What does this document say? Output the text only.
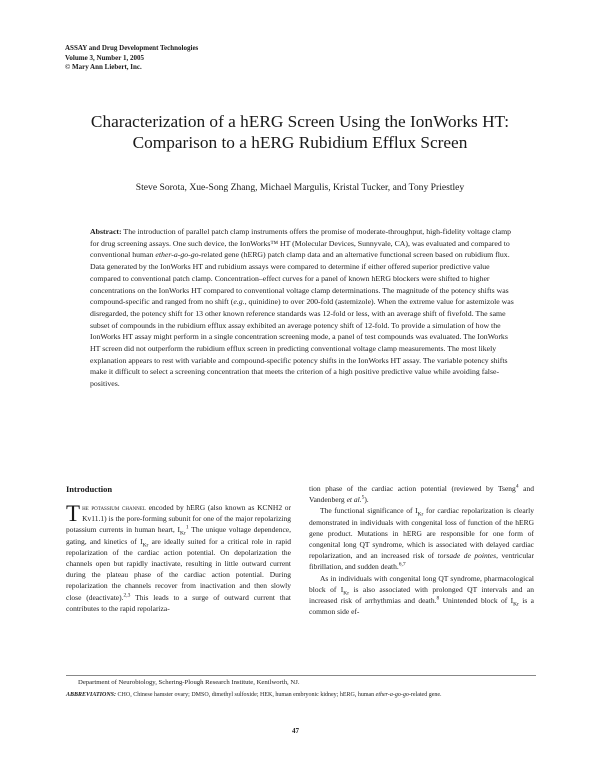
ASSAY and Drug Development Technologies
Volume 3, Number 1, 2005
© Mary Ann Liebert, Inc.
Characterization of a hERG Screen Using the IonWorks HT:
Comparison to a hERG Rubidium Efflux Screen
Steve Sorota, Xue-Song Zhang, Michael Margulis, Kristal Tucker, and Tony Priestley
Abstract: The introduction of parallel patch clamp instruments offers the promise of moderate-throughput, high-fidelity voltage clamp for drug screening assays. One such device, the IonWorks™ HT (Molecular Devices, Sunnyvale, CA), was evaluated and compared to conventional human ether-a-go-go-related gene (hERG) patch clamp data and an alternative functional screen based on rubidium flux. Data generated by the IonWorks HT and rubidium assays were compared to determine if either offered superior predictive value compared to conventional patch clamp. Concentration–effect curves for a panel of known hERG blockers were shifted to higher concentrations on the IonWorks HT compared to conventional voltage clamp determinations. The magnitude of the potency shifts was compound-specific and ranged from no shift (e.g., quinidine) to over 200-fold (astemizole). When the extreme value for astemizole was disregarded, the potency shift for 13 other known reference standards was 12-fold or less, with an average shift of fivefold. The same subset of compounds in the rubidium efflux assay exhibited an average potency shift of 12-fold. To provide a simulation of how the IonWorks HT assay might perform in a single concentration screening mode, a panel of test compounds was evaluated. The IonWorks HT screen did not outperform the rubidium efflux screen in predicting conventional voltage clamp measurements. The most likely explanation appears to rest with variable and compound-specific potency shifts in the IonWorks HT assay. The variable potency shifts make it difficult to select a screening concentration that meets the criterion of a high positive predictive value while avoiding false-positives.
Introduction

The potassium channel encoded by hERG (also known as KCNH2 or Kv11.1) is the pore-forming subunit for one of the major repolarizing potassium currents in human heart, $I_{Kr}^1$ The unique voltage dependence, gating, and kinetics of $I_{Kr}$ are ideally suited for a critical role in rapid repolarization of the cardiac action potential. On depolarization the channels open but rapidly inactivate, resulting in little outward current during the plateau phase of the cardiac action potential. During repolarization the channels recover from inactivation and then slowly close (deactivate).$^{2,3}$ This leads to a surge of outward current that contributes to the rapid repolariza-

tion phase of the cardiac action potential (reviewed by Tseng$^4$ and Vandenberg et al.$^5$).

The functional significance of $I_{Kr}$ for cardiac repolarization is clearly demonstrated in individuals with congenital loss of function of the hERG gene product. Mutations in hERG are responsible for one form of congenital long QT syndrome, which is associated with delayed cardiac repolarization, and an increased risk of torsade de pointes, ventricular fibrillation, and sudden death.$^{6,7}$

As in individuals with congenital long QT syndrome, pharmacological block of $I_{Kr}$ is also associated with prolonged QT intervals and an increased risk of arrhythmias and death.$^8$ Unintended block of $I_{Kr}$ is a common side ef-

Department of Neurobiology, Schering-Plough Research Institute, Kenilworth, NJ.
ABBREVIATIONS: CHO, Chinese hamster ovary; DMSO, dimethyl sulfoxide; HEK, human embryonic kidney; hERG, human ether-a-go-go-related gene.
47
